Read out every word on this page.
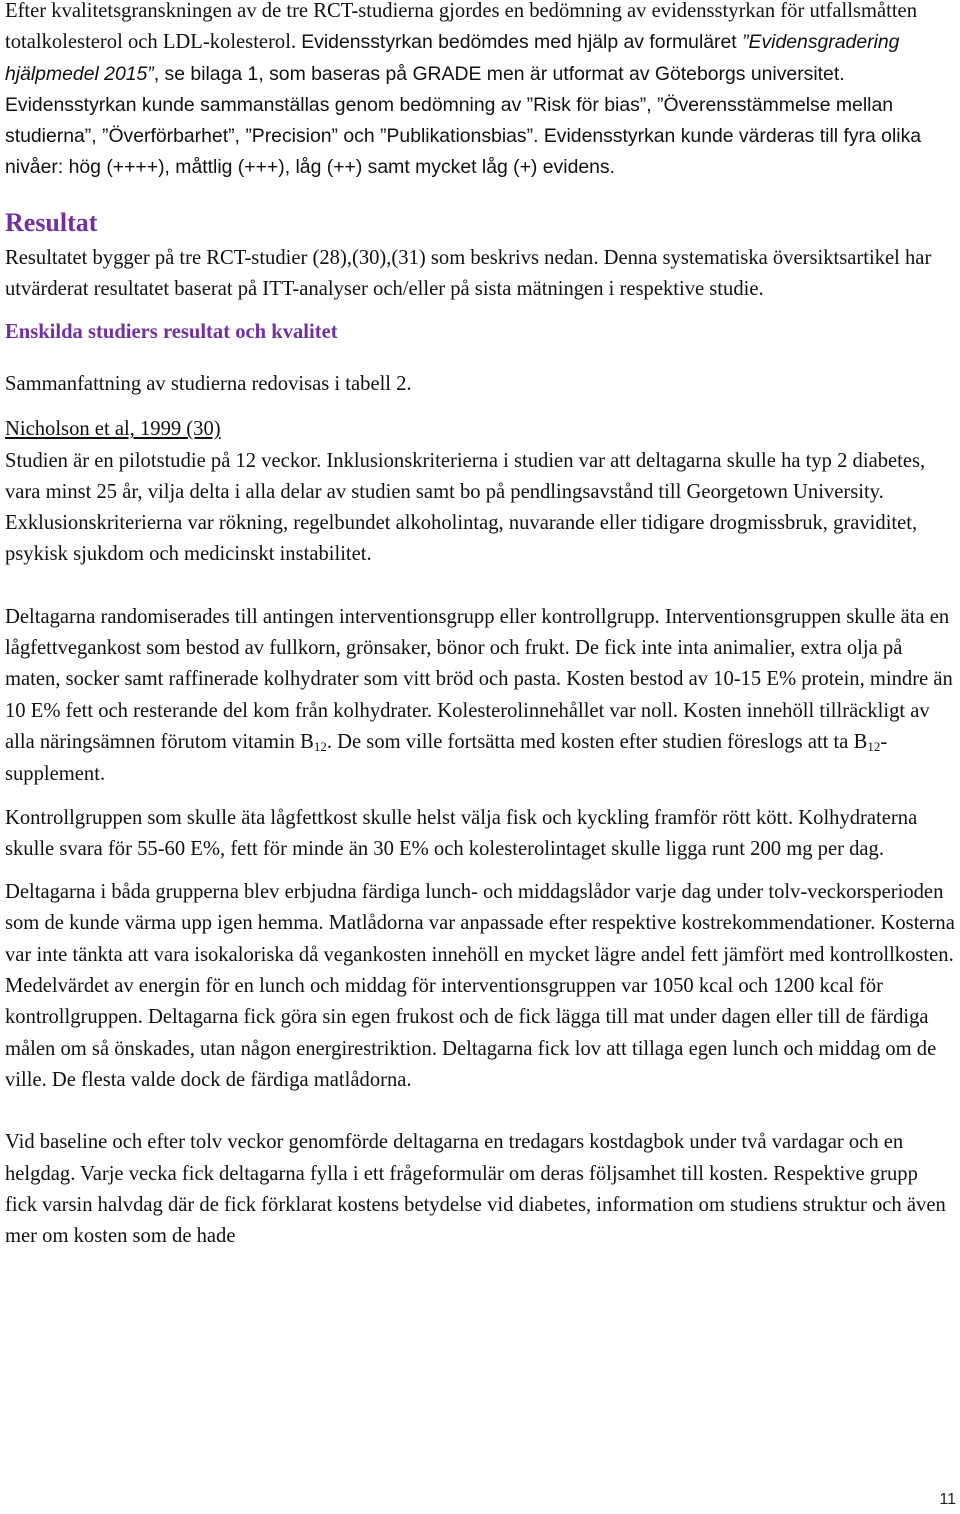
Efter kvalitetsgranskningen av de tre RCT-studierna gjordes en bedömning av evidensstyrkan för utfallsmåtten totalkolesterol och LDL-kolesterol. Evidensstyrkan bedömdes med hjälp av formuläret ”Evidensgradering hjälpmedel 2015”, se bilaga 1, som baseras på GRADE men är utformat av Göteborgs universitet. Evidensstyrkan kunde sammanställas genom bedömning av ”Risk för bias”, ”Överensstämmelse mellan studierna”, ”Överförbarhet”, ”Precision” och ”Publikationsbias”. Evidensstyrkan kunde värderas till fyra olika nivåer: hög (++++), måttlig (+++), låg (++) samt mycket låg (+) evidens.

Resultat

Resultatet bygger på tre RCT-studier (28),(30),(31) som beskrivs nedan. Denna systematiska översiktsartikel har utvärderat resultatet baserat på ITT-analyser och/eller på sista mätningen i respektive studie.

Enskilda studiers resultat och kvalitet

Sammanfattning av studierna redovisas i tabell 2.

Nicholson et al, 1999 (30)

Studien är en pilotstudie på 12 veckor. Inklusionskriterierna i studien var att deltagarna skulle ha typ 2 diabetes, vara minst 25 år, vilja delta i alla delar av studien samt bo på pendlingsavstånd till Georgetown University. Exklusionskriterierna var rökning, regelbundet alkoholintag, nuvarande eller tidigare drogmissbruk, graviditet, psykisk sjukdom och medicinskt instabilitet.

Deltagarna randomiserades till antingen interventionsgrupp eller kontrollgrupp. Interventionsgruppen skulle äta en lågfettvegankost som bestod av fullkorn, grönsaker, bönor och frukt. De fick inte inta animalier, extra olja på maten, socker samt raffinerade kolhydrater som vitt bröd och pasta. Kosten bestod av 10-15 E% protein, mindre än 10 E% fett och resterande del kom från kolhydrater. Kolesterolinnehållet var noll. Kosten innehöll tillräckligt av alla näringsämnen förutom vitamin $B_{12}$. De som ville fortsätta med kosten efter studien föreslogs att ta $B_{12}$-supplement.

Kontrollgruppen som skulle äta lågfettkost skulle helst välja fisk och kyckling framför rött kött. Kolhydraterna skulle svara för 55-60 E%, fett för minde än 30 E% och kolesterolintaget skulle ligga runt 200 mg per dag.

Deltagarna i båda grupperna blev erbjudna färdiga lunch- och middagslådor varje dag under tolv-veckorsperioden som de kunde värma upp igen hemma. Matlådorna var anpassade efter respektive kostrekommendationer. Kosterna var inte tänkta att vara isokaloriska då vegankosten innehöll en mycket lägre andel fett jämfört med kontrollkosten. Medelvärdet av energin för en lunch och middag för interventionsgruppen var 1050 kcal och 1200 kcal för kontrollgruppen. Deltagarna fick göra sin egen frukost och de fick lägga till mat under dagen eller till de färdiga målen om så önskades, utan någon energirestriktion. Deltagarna fick lov att tillaga egen lunch och middag om de ville. De flesta valde dock de färdiga matlådorna.

Vid baseline och efter tolv veckor genomförde deltagarna en tredagars kostdagbok under två vardagar och en helgdag. Varje vecka fick deltagarna fylla i ett frågeformulär om deras följsamhet till kosten. Respektive grupp fick varsin halvdag där de fick förklarat kostens betydelse vid diabetes, information om studiens struktur och även mer om kosten som de hade

11
